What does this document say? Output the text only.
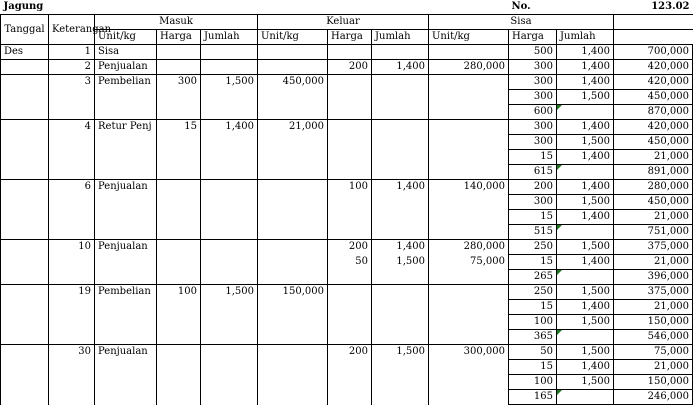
Jagung									No.		123.02
Tanggal	Keterangan	Masuk			Keluar			Sisa			
		Unit/kg	Harga	Jumlah	Unit/kg	Harga	Jumlah	Unit/kg	Harga	Jumlah	
Des	1	Sisa							500	1,400	700,000
	2	Penjualan				200	1,400	280,000	300	1,400	420,000
	3	Pembelian	300	1,500	450,000				300	1,400	420,000
									300	1,500	450,000
									600		870,000
	4	Retur Penj	15	1,400	21,000				300	1,400	420,000
									300	1,500	450,000
									15	1,400	21,000
									615		891,000
	6	Penjualan				100	1,400	140,000	200	1,400	280,000
									300	1,500	450,000
									15	1,400	21,000
									515		751,000
	10	Penjualan				200	1,400	280,000	250	1,500	375,000
						50	1,500	75,000	15	1,400	21,000
									265		396,000
	19	Pembelian	100	1,500	150,000				250	1,500	375,000
									15	1,400	21,000
									100	1,500	150,000
									365		546,000
	30	Penjualan				200	1,500	300,000	50	1,500	75,000
									15	1,400	21,000
									100	1,500	150,000
									165		246,000
